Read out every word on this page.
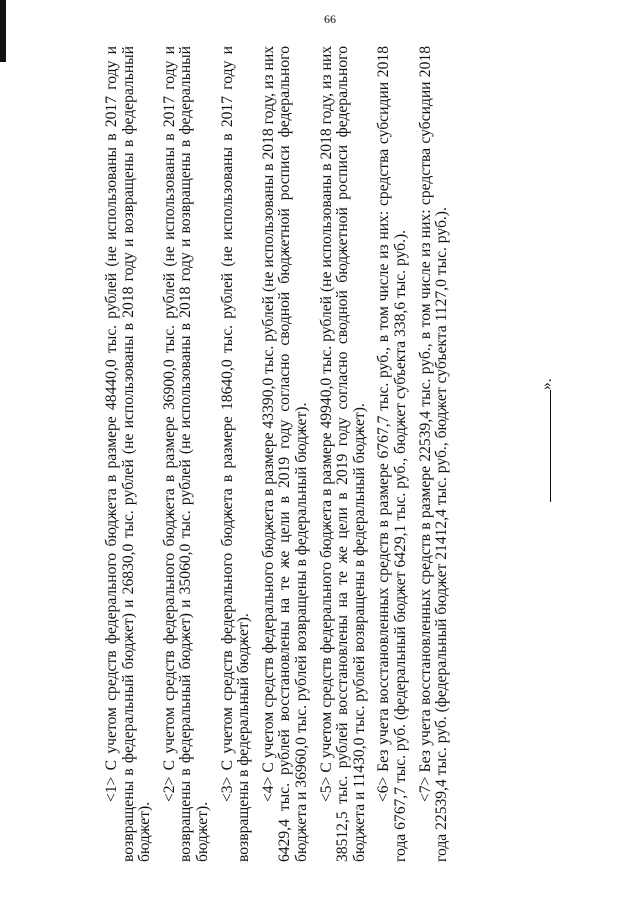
66

<1> С учетом средств федерального бюджета в размере 48440,0 тыс. рублей (не использованы в 2017 году и возвращены в федеральный бюджет) и 26830,0 тыс. рублей (не использованы в 2018 году и возвращены в федеральный бюджет).

<2> С учетом средств федерального бюджета в размере 36900,0 тыс. рублей (не использованы в 2017 году и возвращены в федеральный бюджет) и 35060,0 тыс. рублей (не использованы в 2018 году и возвращены в федеральный бюджет).

<3> С учетом средств федерального бюджета в размере 18640,0 тыс. рублей (не использованы в 2017 году и возвращены в федеральный бюджет). <4> С учетом средств федерального бюджета в размере 43390,0 тыс. рублей (не использованы в 2018 году, из них 6429,4 тыс. рублей восстановлены на те же цели в 2019 году согласно сводной бюджетной росписи федерального бюджета и 36960,0 тыс. рублей возвращены в федеральный бюджет). <5> С учетом средств федерального бюджета в размере 49940,0 тыс. рублей (не использованы в 2018 году, из них 38512,5 тыс. рублей восстановлены на те же цели в 2019 году согласно сводной бюджетной росписи федерального бюджета и 11430,0 тыс. рублей возвращены в федеральный бюджет). <6> Без учета восстановленных средств в размере 6767,7 тыс. руб., в том числе из них: средства субсидии 2018 года 6767,7 тыс. руб. (федеральный бюджет 6429,1 тыс. руб., бюджет субъекта 338,6 тыс. руб.). <7> Без учета восстановленных средств в размере 22539,4 тыс. руб., в том числе из них: средства субсидии 2018 года 22539,4 тыс. руб. (федеральный бюджет 21412,4 тыс. руб., бюджет субъекта 1127,0 тыс. руб.).	».
